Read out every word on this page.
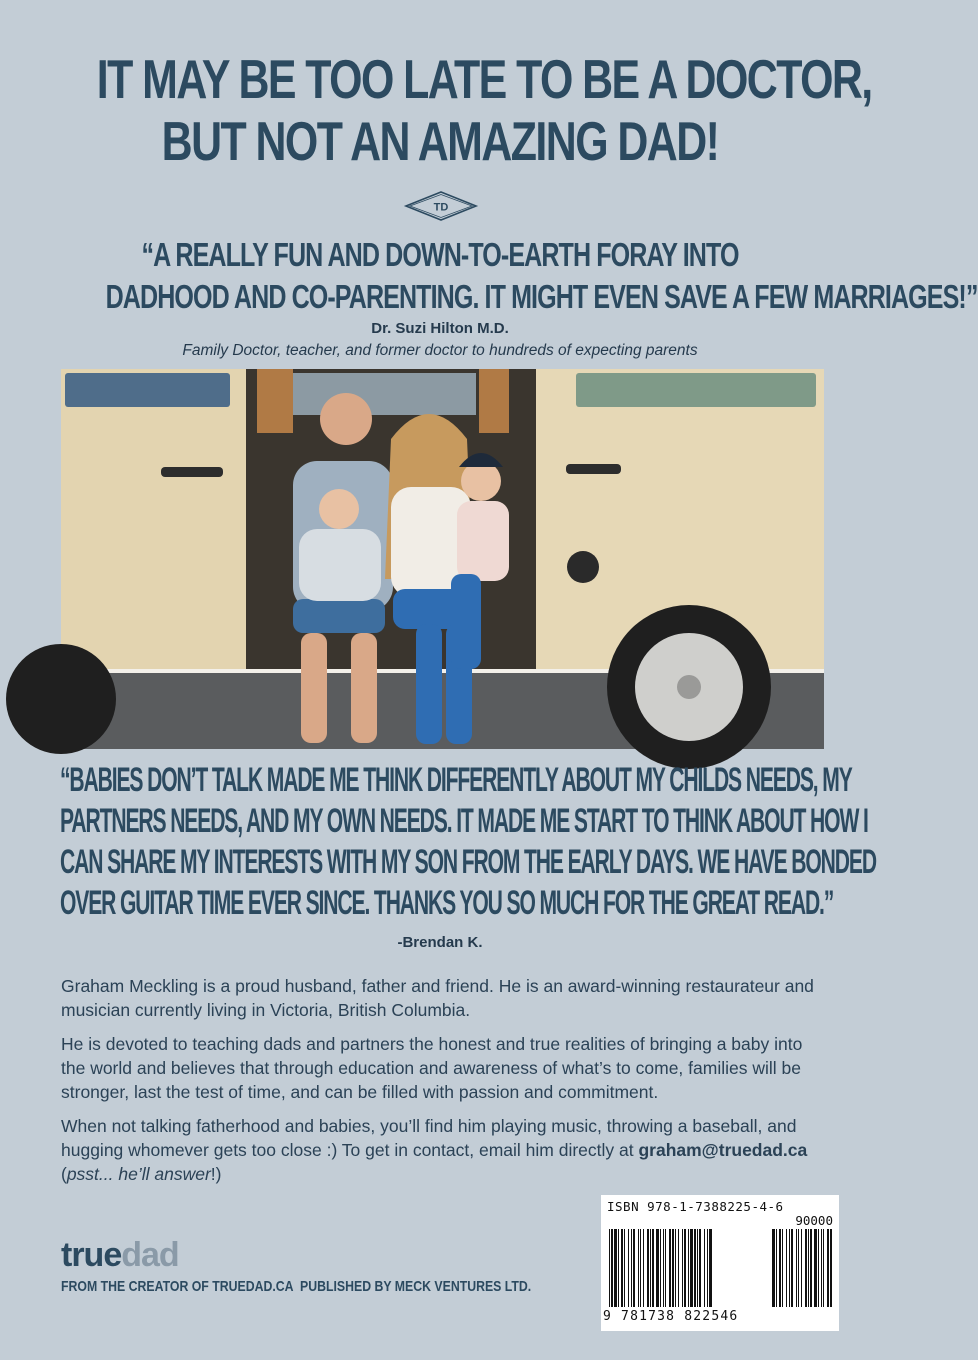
IT MAY BE TOO LATE TO BE A DOCTOR,
BUT NOT AN AMAZING DAD!
TD
“A REALLY FUN AND DOWN-TO-EARTH FORAY INTO
DADHOOD AND CO-PARENTING. IT MIGHT EVEN SAVE A FEW MARRIAGES!”
Dr. Suzi Hilton M.D.
Family Doctor, teacher, and former doctor to hundreds of expecting parents
“BABIES DON’T TALK MADE ME THINK DIFFERENTLY ABOUT MY CHILDS NEEDS, MY
PARTNERS NEEDS, AND MY OWN NEEDS. IT MADE ME START TO THINK ABOUT HOW I
CAN SHARE MY INTERESTS WITH MY SON FROM THE EARLY DAYS. WE HAVE BONDED
OVER GUITAR TIME EVER SINCE. THANKS YOU SO MUCH FOR THE GREAT READ.”
-Brendan K.

Graham Meckling is a proud husband, father and friend. He is an award-winning restaurateur and musician currently living in Victoria, British Columbia.

He is devoted to teaching dads and partners the honest and true realities of bringing a baby into the world and believes that through education and awareness of what’s to come, families will be stronger, last the test of time, and can be filled with passion and commitment.

When not talking fatherhood and babies, you’ll find him playing music, throwing a baseball, and hugging whomever gets too close :) To get in contact, email him directly at graham@truedad.ca (psst... he’ll answer!)

truedad
FROM THE CREATOR OF TRUEDAD.CA PUBLISHED BY MECK VENTURES LTD.
ISBN 978-1-7388225-4-6
90000
9 781738 822546
